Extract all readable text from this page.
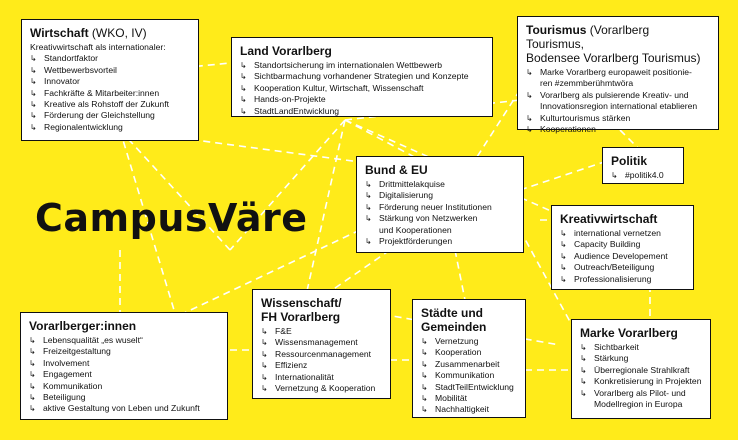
CampusVäre
Wirtschaft (WKO, IV)
Kreativwirtschaft als internationaler:
↳ Standortfaktor
↳ Wettbewerbsvorteil
↳ Innovator
↳ Fachkräfte & Mitarbeiter:innen
↳ Kreative als Rohstoff der Zukunft
↳ Förderung der Gleichstellung
↳ Regionalentwicklung
Land Vorarlberg
↳ Standortsicherung im internationalen Wettbewerb
↳ Sichtbarmachung vorhandener Strategien und Konzepte
↳ Kooperation Kultur, Wirtschaft, Wissenschaft
↳ Hands-on-Projekte
↳ StadtLandEntwicklung
Tourismus (Vorarlberg Tourismus,
Bodensee Vorarlberg Tourismus)
↳ Marke Vorarlberg europaweit positionie-
ren #zemmberühmtwöra
↳ Vorarlberg als pulsierende Kreativ- und
Innovationsregion international etablieren
↳ Kulturtourismus stärken
↳ Kooperationen
Bund & EU
↳ Drittmittelakquise
↳ Digitalisierung
↳ Förderung neuer Institutionen
↳ Stärkung von Netzwerken
und Kooperationen
↳ Projektförderungen
Politik
↳ #politik4.0
Kreativwirtschaft
↳ international vernetzen
↳ Capacity Building
↳ Audience Developement
↳ Outreach/Beteiligung
↳ Professionalisierung
Wissenschaft/
FH Vorarlberg
↳ F&E
↳ Wissensmanagement
↳ Ressourcenmanagement
↳ Effizienz
↳ Internationalität
↳ Vernetzung & Kooperation
Städte und
Gemeinden
↳ Vernetzung
↳ Kooperation
↳ Zusammenarbeit
↳ Kommunikation
↳ StadtTeilEntwicklung
↳ Mobilität
↳ Nachhaltigkeit
Vorarlberger:innen
↳ Lebensqualität „es wuselt“
↳ Freizeitgestaltung
↳ Involvement
↳ Engagement
↳ Kommunikation
↳ Beteiligung
↳ aktive Gestaltung von Leben und Zukunft
Marke Vorarlberg
↳ Sichtbarkeit
↳ Stärkung
↳ Überregionale Strahlkraft
↳ Konkretisierung in Projekten
↳ Vorarlberg als Pilot- und
Modellregion in Europa
